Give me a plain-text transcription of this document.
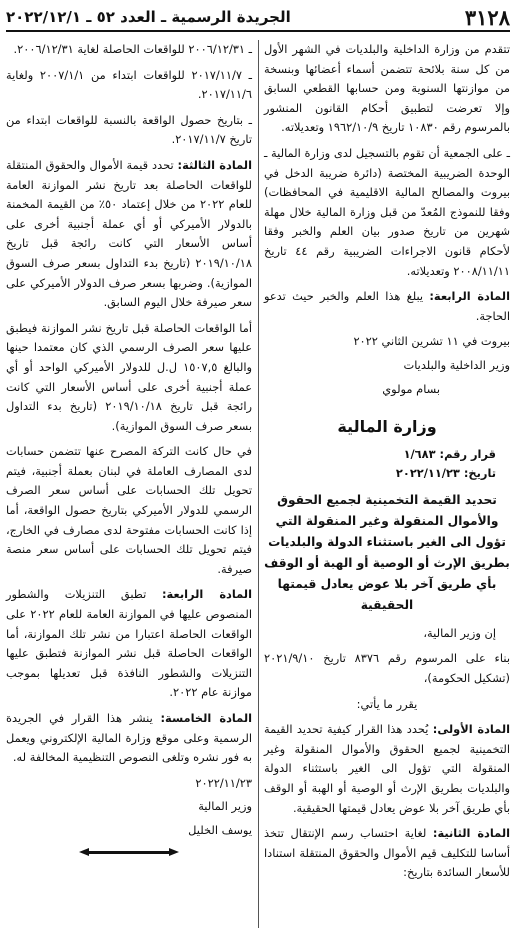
٣١٢٨
الجريدة الرسمية ـ العدد ٥٢ ـ ٢٠٢٢/١٢/١

تتقدم من وزارة الداخلية والبلديات في الشهر الأول من كل سنة بلائحة تتضمن أسماء أعضائها وبنسخة من موازنتها السنوية ومن حسابها القطعي السابق وإلا تعرضت لتطبيق أحكام القانون المنشور بالمرسوم رقم ١٠٨٣٠ تاريخ ١٩٦٢/١٠/٩ وتعديلاته.

ـ على الجمعية أن تقوم بالتسجيل لدى وزارة المالية ـ الوحدة الضريبية المختصة (دائرة ضريبة الدخل في بيروت والمصالح المالية الاقليمية في المحافظات) وفقا للنموذج المُعدّ من قبل وزارة المالية خلال مهلة شهرين من تاريخ صدور بيان العلم والخبر وفقا لأحكام قانون الاجراءات الضريبية رقم ٤٤ تاريخ ٢٠٠٨/١١/١١ وتعديلاته.

المادة الرابعة: يبلغ هذا العلم والخبر حيث تدعو الحاجة.

بيروت في ١١ تشرين الثاني ٢٠٢٢

وزير الداخلية والبلديات

بسام مولوي

وزارة المالية

قرار رقم: ١/٦٨٣

تاريخ: ٢٠٢٢/١١/٢٣

تحديد القيمة التخمينية لجميع الحقوق والأموال المنقولة وغير المنقولة التي تؤول الى الغير باستثناء الدولة والبلديات بطريق الإرث أو الوصية أو الهبة أو الوقف بأي طريق آخر بلا عوض يعادل قيمتها الحقيقية

إن وزير المالية،

بناء على المرسوم رقم ٨٣٧٦ تاريخ ٢٠٢١/٩/١٠ (تشكيل الحكومة)،

يقرر ما يأتي:

المادة الأولى: يُحدد هذا القرار كيفية تحديد القيمة التخمينية لجميع الحقوق والأموال المنقولة وغير المنقولة التي تؤول الى الغير باستثناء الدولة والبلديات بطريق الإرث أو الوصية أو الهبة أو الوقف بأي طريق آخر بلا عوض يعادل قيمتها الحقيقية.

المادة الثانية: لغاية احتساب رسم الإنتقال تتخذ أساسا للتكليف قيم الأموال والحقوق المنتقلة استنادا للأسعار السائدة بتاريخ:

ـ ٢٠٠٦/١٢/٣١ للواقعات الحاصلة لغاية ٢٠٠٦/١٢/٣١.

ـ ٢٠١٧/١١/٧ للواقعات ابتداء من ٢٠٠٧/١/١ ولغاية ٢٠١٧/١١/٦.

ـ بتاريخ حصول الواقعة بالنسبة للواقعات ابتداء من تاريخ ٢٠١٧/١١/٧.

المادة الثالثة: تحدد قيمة الأموال والحقوق المنتقلة للواقعات الحاصلة بعد تاريخ نشر الموازنة العامة للعام ٢٠٢٢ من خلال إعتماد ٥٠٪ من القيمة المخمنة بالدولار الأميركي أو أي عملة أجنبية أخرى على أساس الأسعار التي كانت رائجة قبل تاريخ ٢٠١٩/١٠/١٨ (تاريخ بدء التداول بسعر صرف السوق الموازية). وضربها بسعر صرف الدولار الأميركي على سعر صيرفة خلال اليوم السابق.

أما الواقعات الحاصلة قبل تاريخ نشر الموازنة فيطبق عليها سعر الصرف الرسمي الذي كان معتمدا حينها والبالغ ١٥٠٧,٥ ل.ل للدولار الأميركي الواحد أو أي عملة أجنبية أخرى على أساس الأسعار التي كانت رائجة قبل تاريخ ٢٠١٩/١٠/١٨ (تاريخ بدء التداول بسعر صرف السوق الموازية).

في حال كانت التركة المصرح عنها تتضمن حسابات لدى المصارف العاملة في لبنان بعملة أجنبية، فيتم تحويل تلك الحسابات على أساس سعر الصرف الرسمي للدولار الأميركي بتاريخ حصول الواقعة، أما إذا كانت الحسابات مفتوحة لدى مصارف في الخارج، فيتم تحويل تلك الحسابات على أساس سعر منصة صيرفة.

المادة الرابعة: تطبق التنزيلات والشطور المنصوص عليها في الموازنة العامة للعام ٢٠٢٢ على الواقعات الحاصلة اعتبارا من نشر تلك الموازنة، أما الواقعات الحاصلة قبل نشر الموازنة فتطبق عليها التنزيلات والشطور النافذة قبل تعديلها بموجب موازنة عام ٢٠٢٢.

المادة الخامسة: ينشر هذا القرار في الجريدة الرسمية وعلى موقع وزارة المالية الإلكتروني ويعمل به فور نشره وتلغى النصوص التنظيمية المخالفة له.

٢٠٢٢/١١/٢٣

وزير المالية

يوسف الخليل
